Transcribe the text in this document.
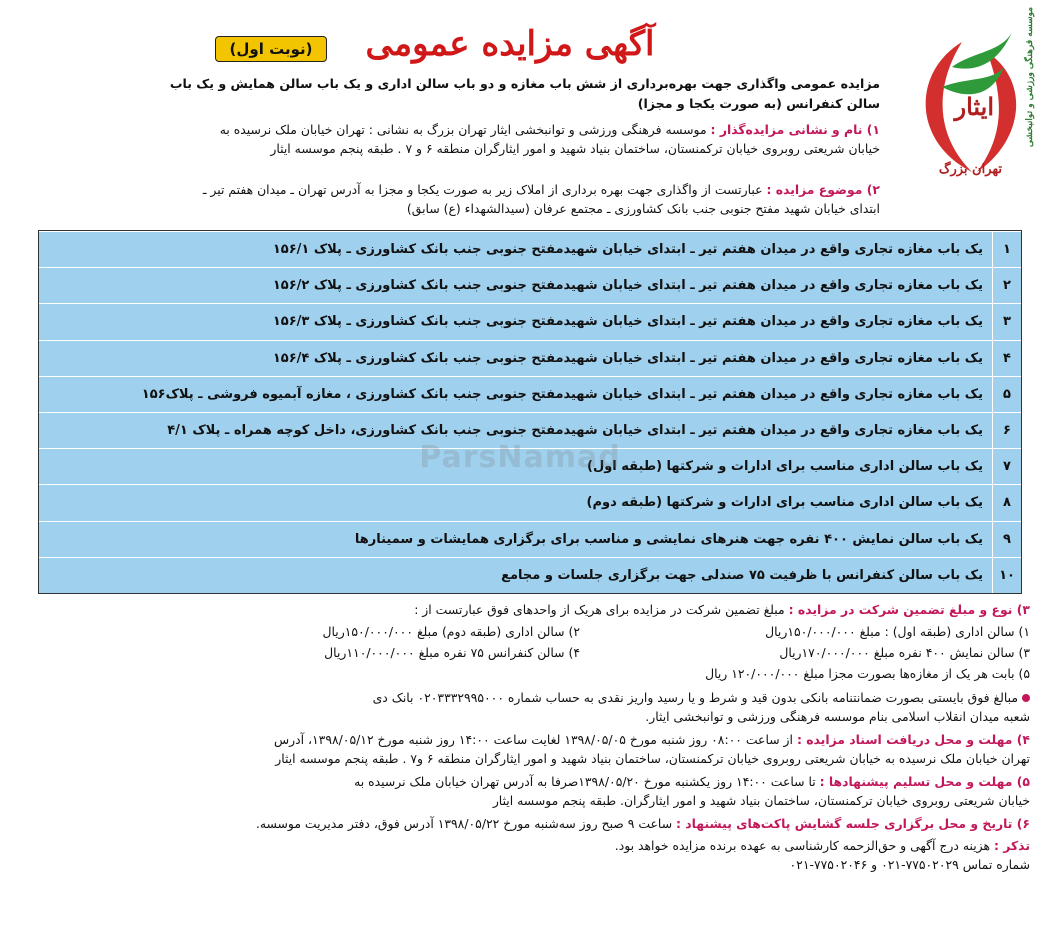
ایثار	موسسه فرهنگی ورزشی و توانبخشی
تهران بزرگ
(نوبت اول)	آگهی مزایده عمومی
مزایده عمومی واگذاری جهت بهره‌برداری از شش باب مغازه و دو باب سالن اداری و یک باب سالن همایش و یک باب
سالن کنفرانس (به صورت یکجا و مجزا)
۱) نام و نشانی مزایده‌گذار : موسسه فرهنگی ورزشی و توانبخشی ایثار تهران بزرگ به نشانی : تهران خیابان ملک نرسیده به
خیابان شریعتی روبروی خیابان ترکمنستان، ساختمان بنیاد شهید و امور ایثارگران منطقه ۶ و ۷ . طبقه پنجم موسسه ایثار
۲) موضوع مزایده : عبارتست از واگذاری جهت بهره برداری از املاک زیر به صورت یکجا و مجزا به آدرس تهران ـ میدان هفتم تیر ـ
ابتدای خیابان شهید مفتح جنوبی جنب بانک کشاورزی ـ مجتمع عرفان (سیدالشهداء (ع) سابق)
۱
یک باب مغازه تجاری واقع در میدان هفتم تیر ـ ابتدای خیابان شهیدمفتح جنوبی جنب بانک کشاورزی ـ پلاک ۱۵۶/۱
۲
یک باب مغازه تجاری واقع در میدان هفتم تیر ـ ابتدای خیابان شهیدمفتح جنوبی جنب بانک کشاورزی ـ پلاک ۱۵۶/۲
۳
یک باب مغازه تجاری واقع در میدان هفتم تیر ـ ابتدای خیابان شهیدمفتح جنوبی جنب بانک کشاورزی ـ پلاک ۱۵۶/۳
۴
یک باب مغازه تجاری واقع در میدان هفتم تیر ـ ابتدای خیابان شهیدمفتح جنوبی جنب بانک کشاورزی ـ پلاک ۱۵۶/۴
۵
یک باب مغازه تجاری واقع در میدان هفتم تیر ـ ابتدای خیابان شهیدمفتح جنوبی جنب بانک کشاورزی ، مغازه آبمیوه فروشی ـ پلاک۱۵۶
۶
یک باب مغازه تجاری واقع در میدان هفتم تیر ـ ابتدای خیابان شهیدمفتح جنوبی جنب بانک کشاورزی، داخل کوچه همراه ـ پلاک ۴/۱
۷
یک باب سالن اداری مناسب برای ادارات و شرکتها (طبقه اول)
۸
یک باب سالن اداری مناسب برای ادارات و شرکتها (طبقه دوم)
۹
یک باب سالن نمایش ۴۰۰ نفره جهت هنرهای نمایشی و مناسب برای برگزاری همایشات و سمینارها
۱۰
یک باب سالن کنفرانس با ظرفیت ۷۵ صندلی جهت برگزاری جلسات و مجامع
ParsNamad
۳) نوع و مبلغ تضمین شرکت در مزایده : مبلغ تضمین شرکت در مزایده برای هریک از واحدهای فوق عبارتست از :
۱) سالن اداری (طبقه اول) : مبلغ ۱۵۰/۰۰۰/۰۰۰ریال
۲) سالن اداری (طبقه دوم) مبلغ ۱۵۰/۰۰۰/۰۰۰ریال
۳) سالن نمایش ۴۰۰ نفره مبلغ ۱۷۰/۰۰۰/۰۰۰ریال
۴) سالن کنفرانس ۷۵ نفره مبلغ ۱۱۰/۰۰۰/۰۰۰ریال
۵) بابت هر یک از مغازه‌ها بصورت مجزا مبلغ ۱۲۰/۰۰۰/۰۰۰ ریال
مبالغ فوق بایستی بصورت ضمانتنامه بانکی بدون قید و شرط و یا رسید واریز نقدی به حساب شماره ۰۲۰۳۳۳۲۹۹۵۰۰۰ بانک دی
شعبه میدان انقلاب اسلامی بنام موسسه فرهنگی ورزشی و توانبخشی ایثار.
۴) مهلت و محل دریافت اسناد مزایده : از ساعت ۰۸:۰۰ روز شنبه مورخ ۱۳۹۸/۰۵/۰۵ لغایت ساعت ۱۴:۰۰ روز شنبه مورخ ۱۳۹۸/۰۵/۱۲، آدرس
تهران خیابان ملک نرسیده به خیابان شریعتی روبروی خیابان ترکمنستان، ساختمان بنیاد شهید و امور ایثارگران منطقه ۶ و۷ . طبقه پنجم موسسه ایثار
۵) مهلت و محل تسلیم پیشنهادها : تا ساعت ۱۴:۰۰ روز یکشنبه مورخ ۱۳۹۸/۰۵/۲۰صرفا به آدرس تهران خیابان ملک نرسیده به
خیابان شریعتی روبروی خیابان ترکمنستان، ساختمان بنیاد شهید و امور ایثارگران. طبقه پنجم موسسه ایثار
۶) تاریخ و محل برگزاری جلسه گشایش پاکت‌های پیشنهاد : ساعت ۹ صبح روز سه‌شنبه مورخ ۱۳۹۸/۰۵/۲۲ آدرس فوق، دفتر مدیریت موسسه.
تذکر : هزینه درج آگهی و حق‌الزحمه کارشناسی به عهده برنده مزایده خواهد بود.
شماره تماس ۷۷۵۰۲۰۲۹-۰۲۱ و ۷۷۵۰۲۰۴۶-۰۲۱
